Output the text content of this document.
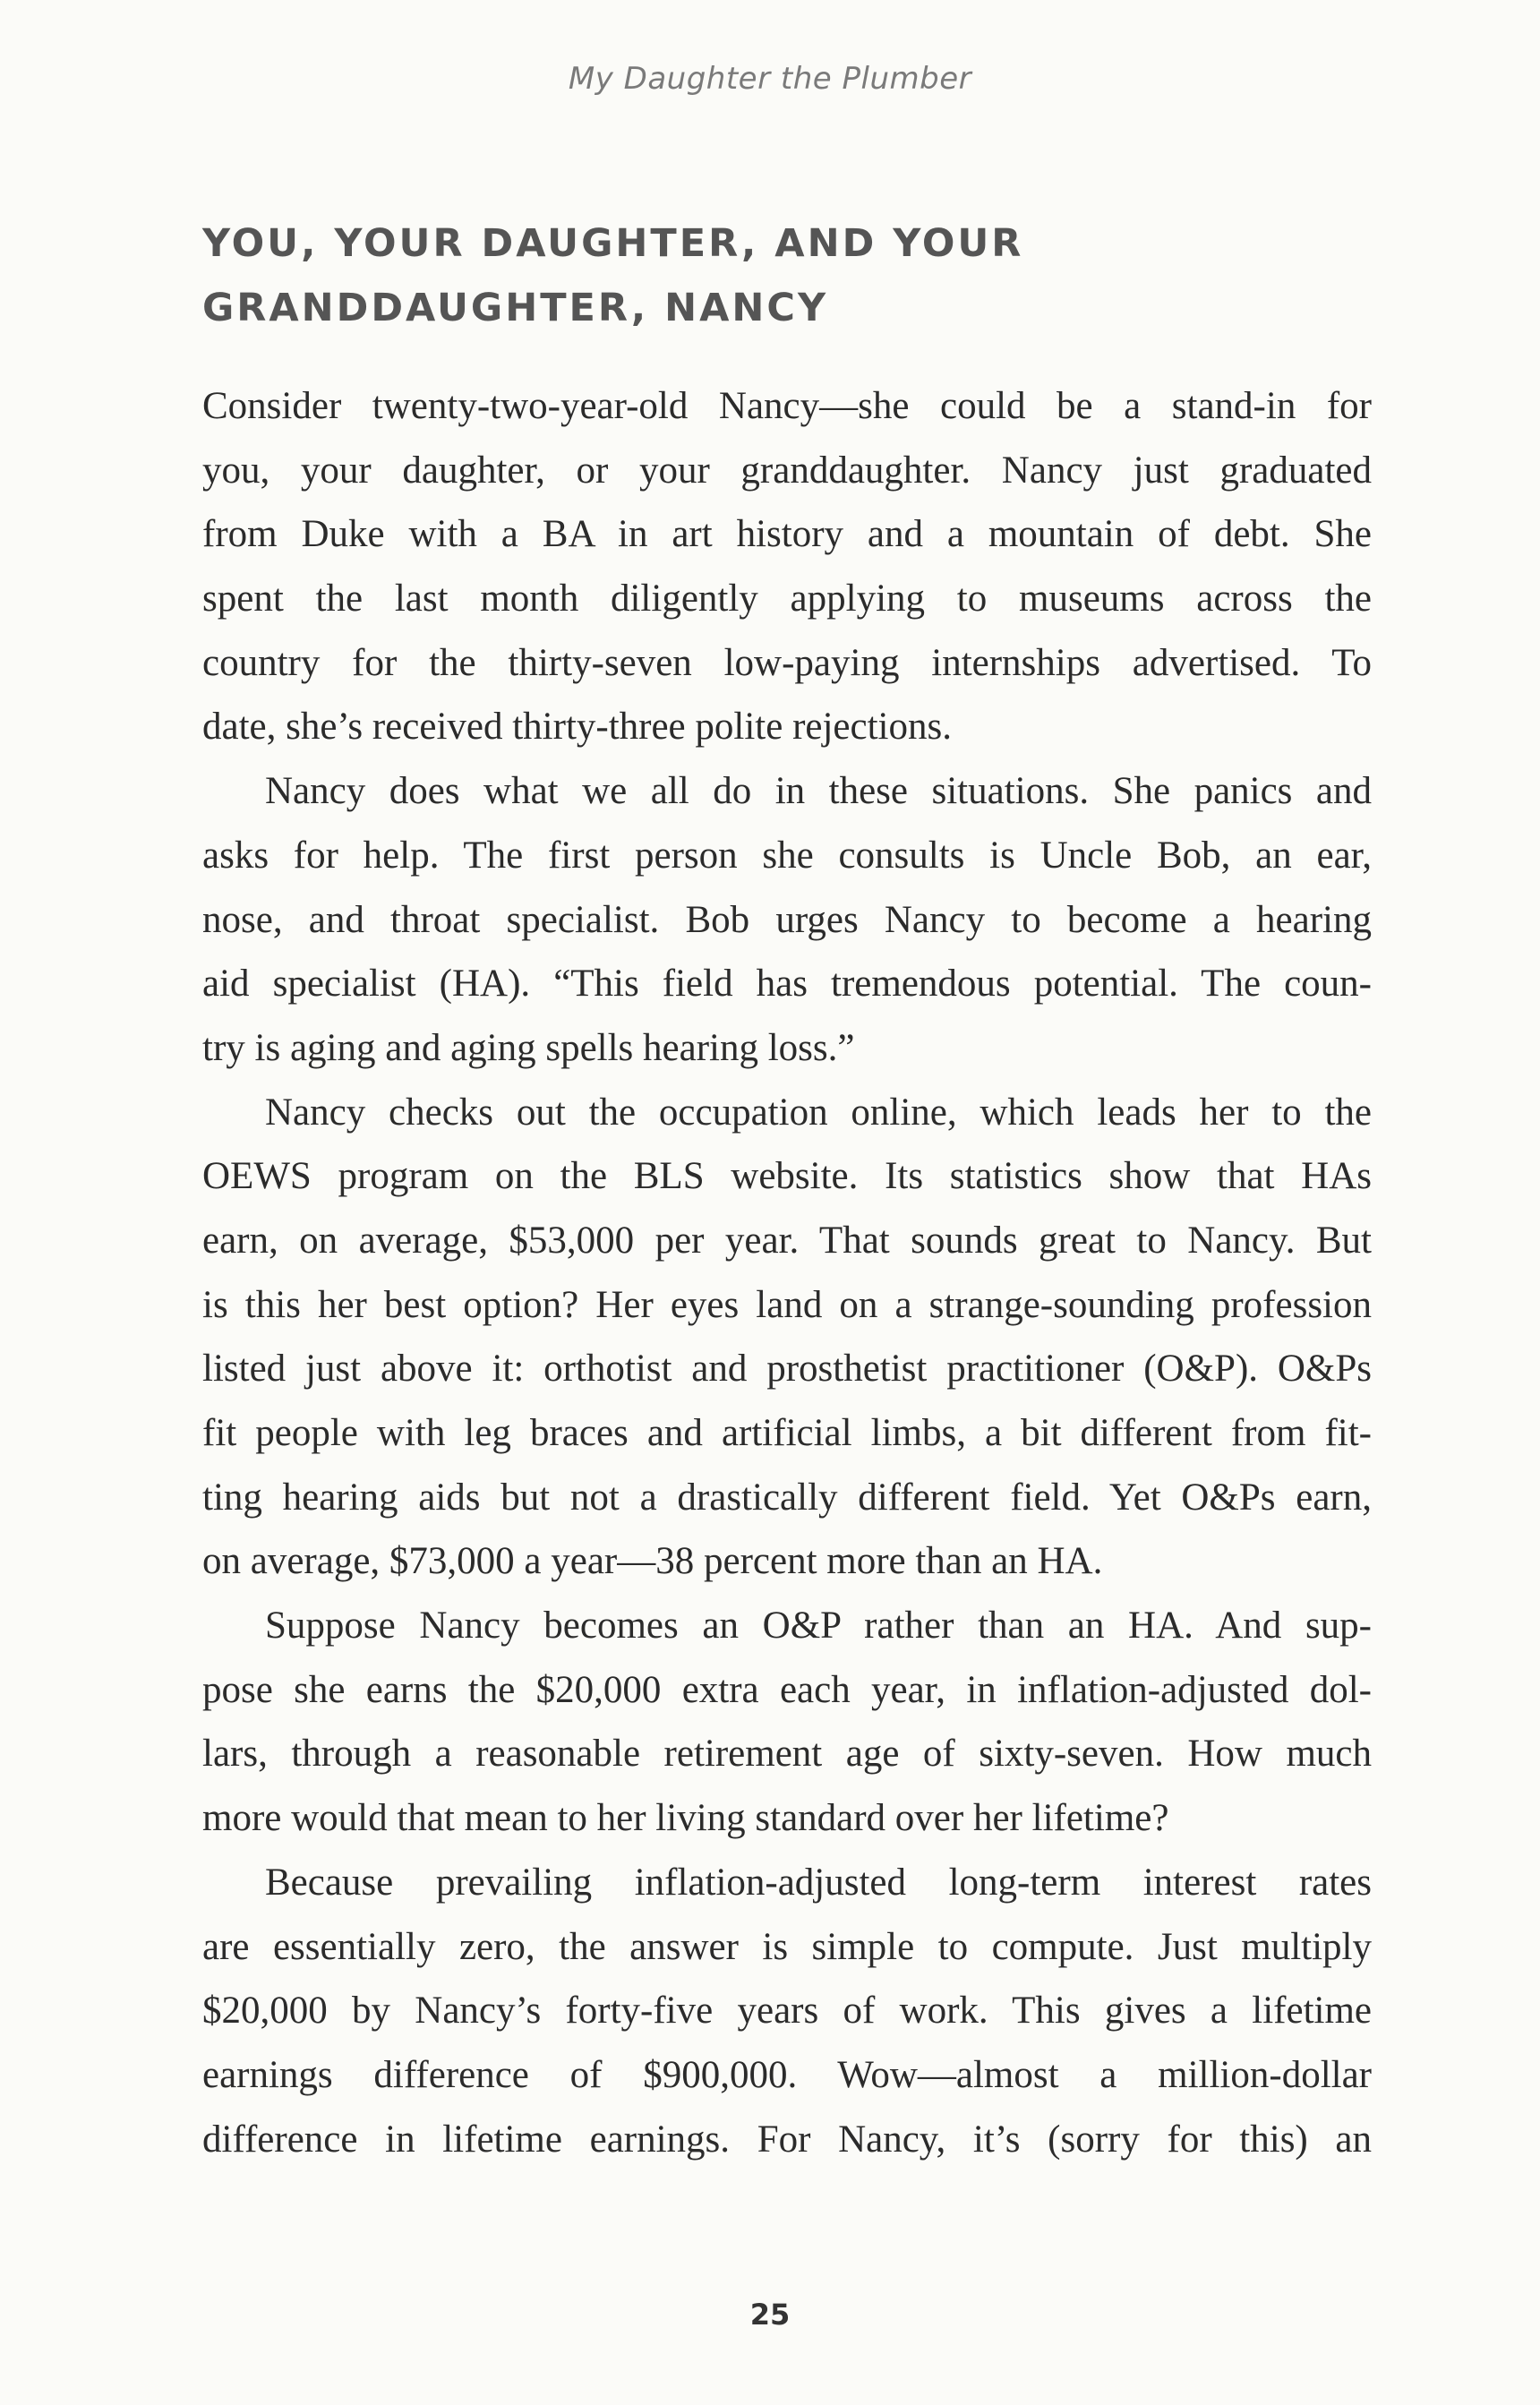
My Daughter the Plumber
YOU, YOUR DAUGHTER, AND YOUR
GRANDDAUGHTER, NANCY

Consider twenty-two-year-old Nancy—she could be a stand-in for
you, your daughter, or your granddaughter. Nancy just graduated
from Duke with a BA in art history and a mountain of debt. She
spent the last month diligently applying to museums across the
country for the thirty-seven low-paying internships advertised. To
date, she’s received thirty-three polite rejections.

Nancy does what we all do in these situations. She panics and
asks for help. The first person she consults is Uncle Bob, an ear,
nose, and throat specialist. Bob urges Nancy to become a hearing
aid specialist (HA). “This field has tremendous potential. The coun-
try is aging and aging spells hearing loss.”

Nancy checks out the occupation online, which leads her to the
OEWS program on the BLS website. Its statistics show that HAs
earn, on average, $53,000 per year. That sounds great to Nancy. But
is this her best option? Her eyes land on a strange-sounding profession
listed just above it: orthotist and prosthetist practitioner (O&P). O&Ps
fit people with leg braces and artificial limbs, a bit different from fit-
ting hearing aids but not a drastically different field. Yet O&Ps earn,
on average, $73,000 a year—38 percent more than an HA.

Suppose Nancy becomes an O&P rather than an HA. And sup-
pose she earns the $20,000 extra each year, in inflation-adjusted dol-
lars, through a reasonable retirement age of sixty-seven. How much
more would that mean to her living standard over her lifetime?

Because prevailing inflation-adjusted long-term interest rates
are essentially zero, the answer is simple to compute. Just multiply
$20,000 by Nancy’s forty-five years of work. This gives a lifetime
earnings difference of $900,000. Wow—almost a million-dollar
difference in lifetime earnings. For Nancy, it’s (sorry for this) an

25
